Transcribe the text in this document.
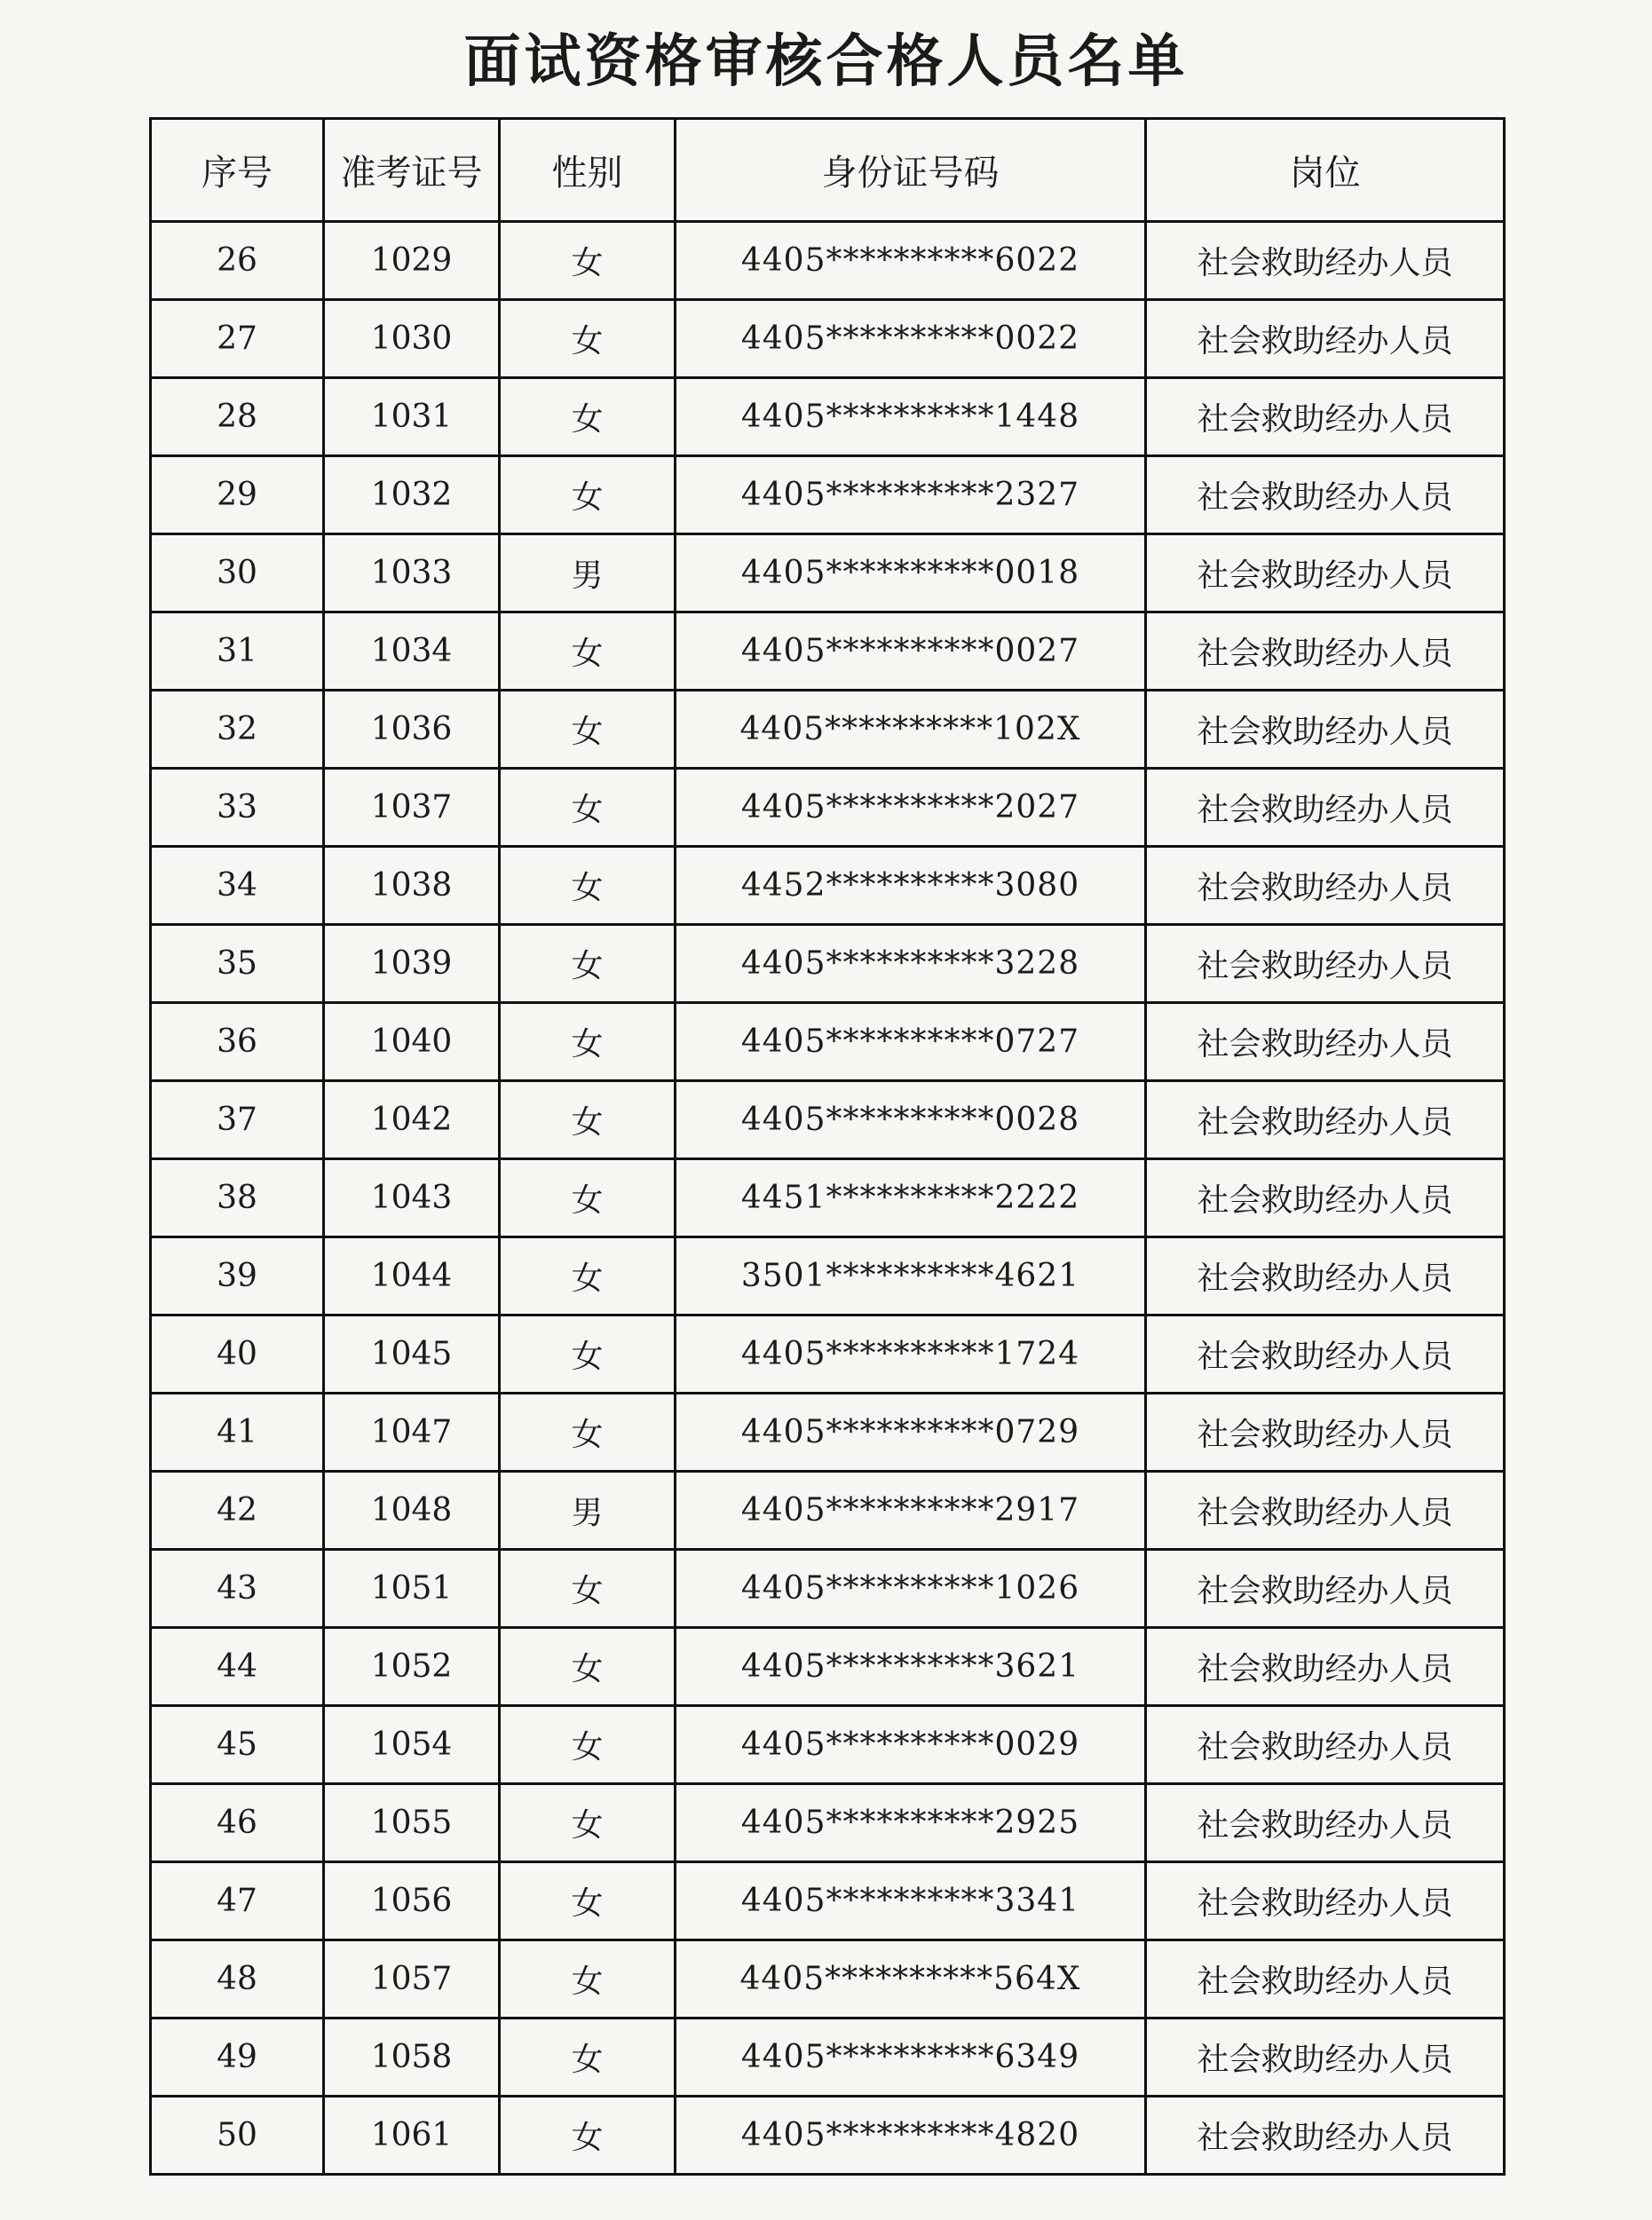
面试资格审核合格人员名单
序号	准考证号	性别	身份证号码	岗位
26	1029	女	4405**********6022	社会救助经办人员
27	1030	女	4405**********0022	社会救助经办人员
28	1031	女	4405**********1448	社会救助经办人员
29	1032	女	4405**********2327	社会救助经办人员
30	1033	男	4405**********0018	社会救助经办人员
31	1034	女	4405**********0027	社会救助经办人员
32	1036	女	4405**********102X	社会救助经办人员
33	1037	女	4405**********2027	社会救助经办人员
34	1038	女	4452**********3080	社会救助经办人员
35	1039	女	4405**********3228	社会救助经办人员
36	1040	女	4405**********0727	社会救助经办人员
37	1042	女	4405**********0028	社会救助经办人员
38	1043	女	4451**********2222	社会救助经办人员
39	1044	女	3501**********4621	社会救助经办人员
40	1045	女	4405**********1724	社会救助经办人员
41	1047	女	4405**********0729	社会救助经办人员
42	1048	男	4405**********2917	社会救助经办人员
43	1051	女	4405**********1026	社会救助经办人员
44	1052	女	4405**********3621	社会救助经办人员
45	1054	女	4405**********0029	社会救助经办人员
46	1055	女	4405**********2925	社会救助经办人员
47	1056	女	4405**********3341	社会救助经办人员
48	1057	女	4405**********564X	社会救助经办人员
49	1058	女	4405**********6349	社会救助经办人员
50	1061	女	4405**********4820	社会救助经办人员
